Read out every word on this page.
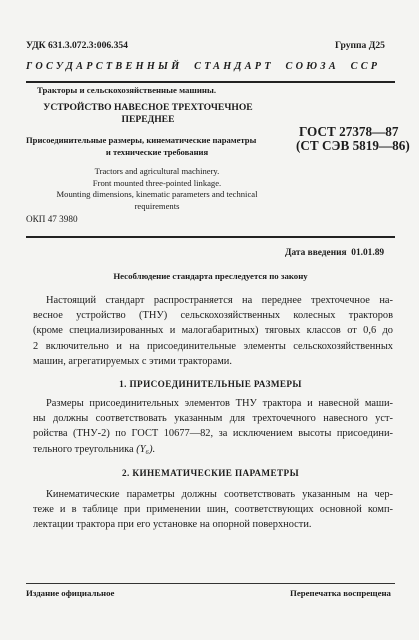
УДК 631.3.072.3:006.354	Группа Д25
ГОСУДАРСТВЕННЫЙ  СТАНДАРТ  СОЮЗА  ССР
Тракторы и сельскохозяйственные машины.
УСТРОЙСТВО НАВЕСНОЕ ТРЕХТОЧЕЧНОЕ
ПЕРЕДНЕЕ
Присоединительные размеры, кинематические параметры
и технические требования
Tractors and agricultural machinery.
Front mounted three-pointed linkage.
Mounting dimensions, kinematic parameters and technical
requirements
ГОСТ 27378—87
(СТ СЭВ 5819—86)
ОКП 47 3980
Дата введения  01.01.89
Несоблюдение стандарта преследуется по закону
Настоящий стандарт распространяется на переднее трехточечное на-
весное устройство (ТНУ) сельскохозяйственных колесных тракторов
(кроме специализированных и малогабаритных) тяговых классов от 0,6 до
2 включительно и на присоединительные элементы сельскохозяйственных
машин, агрегатируемых с этими тракторами.
1. ПРИСОЕДИНИТЕЛЬНЫЕ РАЗМЕРЫ
Размеры присоединительных элементов ТНУ трактора и навесной маши-
ны должны соответствовать указанным для трехточечного навесного уст-
ройства (ТНУ-2) по ГОСТ 10677—82, за исключением высоты присоедини-
тельного треугольника (Y₆).
2. КИНЕМАТИЧЕСКИЕ ПАРАМЕТРЫ
Кинематические параметры должны соответствовать указанным на чер-
теже и в таблице при применении шин, соответствующих основной комп-
лектации трактора при его установке на опорной поверхности.
Издание официальное	Перепечатка воспрещена
